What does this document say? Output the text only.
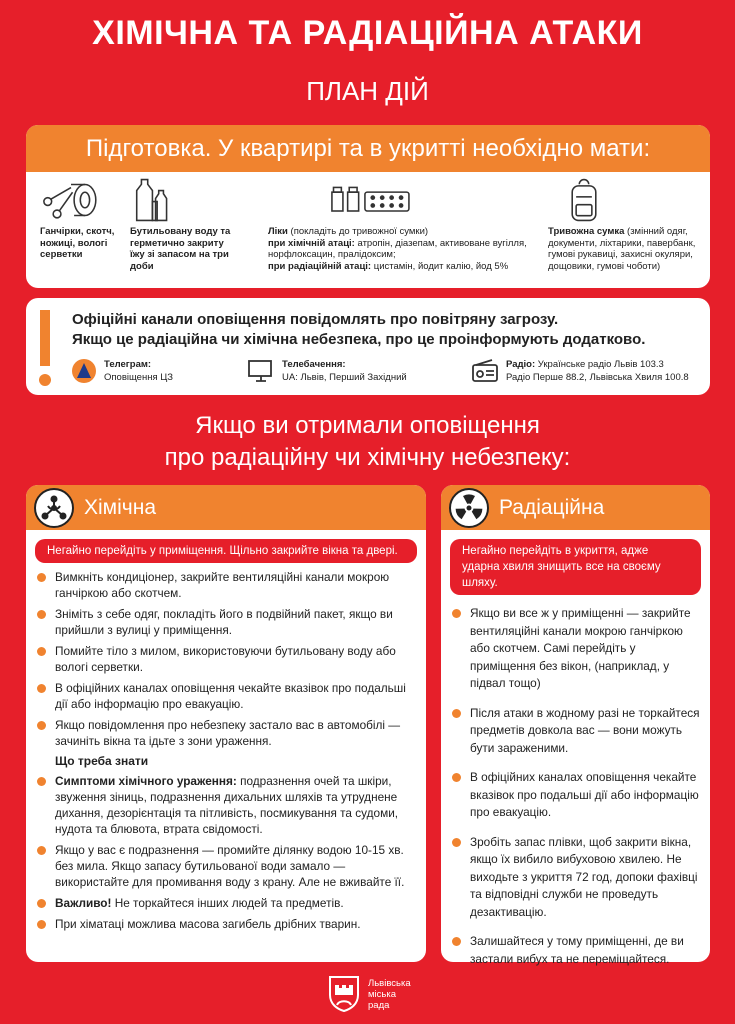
ХІМІЧНА ТА РАДІАЦІЙНА АТАКИ
ПЛАН ДІЙ
Підготовка. У квартирі та в укритті необхідно мати:
Ганчірки, скотч, ножиці, вологі серветки
Бутильовану воду та герметично закриту їжу зі запасом на три доби
Ліки (покладіть до тривожної сумки)
при хімічній атаці: атропін, діазепам, активоване вугілля, норфлоксацин, пралідоксим;
при радіаційній атаці: цистамін, йодит калію, йод 5%
Тривожна сумка (змінний одяг, документи, ліхтарики, павербанк, гумові рукавиці, захисні окуляри, дощовики, гумові чоботи)
Офіційні канали оповіщення повідомлять про повітряну загрозу.
Якщо це радіаційна чи хімічна небезпека, про це проінформують додатково.
Телеграм:
Оповіщення ЦЗ
Телебачення:
UA: Львів, Перший Західний
Радіо: Українське радіо Львів 103.3
Радіо Перше 88.2, Львівська Хвиля 100.8
Якщо ви отримали оповіщення
про радіаційну чи хімічну небезпеку:
Хімічна
Негайно перейдіть у приміщення. Щільно закрийте вікна та двері.
Вимкніть кондиціонер, закрийте вентиляційні канали мокрою ганчіркою або скотчем.
Зніміть з себе одяг, покладіть його в подвійний пакет, якщо ви прийшли з вулиці у приміщення.
Помийте тіло з милом, використовуючи бутильовану воду або вологі серветки.
В офіційних каналах оповіщення чекайте вказівок про подальші дії або інформацію про евакуацію.
Якщо повідомлення про небезпеку застало вас в автомобілі — зачиніть вікна та ідьте з зони ураження.
Що треба знати
Симптоми хімічного ураження: подразнення очей та шкіри, звуження зіниць, подразнення дихальних шляхів та утруднене дихання, дезорієнтація та пітливість, посмикування та судоми, нудота та блювота, втрата свідомості.
Якщо у вас є подразнення — промийте ділянку водою 10-15 хв. без мила. Якщо запасу бутильованої води замало — використайте для промивання воду з крану. Але не вживайте її.
Важливо! Не торкайтеся інших людей та предметів.
При хіматаці можлива масова загибель дрібних тварин.
Радіаційна
Негайно перейдіть в укриття, адже ударна хвиля знищить все на своєму шляху.
Якщо ви все ж у приміщенні — закрийте вентиляційні канали мокрою ганчіркою або скотчем. Самі перейдіть у приміщення без вікон, (наприклад, у підвал тощо)
Після атаки в жодному разі не торкайтеся предметів довкола вас — вони можуть бути зараженими.
В офіційних каналах оповіщення чекайте вказівок про подальші дії або інформацію про евакуацію.
Зробіть запас плівки, щоб закрити вікна, якщо їх вибило вибуховою хвилею. Не виходьте з укриття 72 год, допоки фахівці та відповідні служби не проведуть дезактивацію.
Залишайтеся у тому приміщенні, де ви застали вибух та не переміщайтеся.
Львівська
міська
рада
